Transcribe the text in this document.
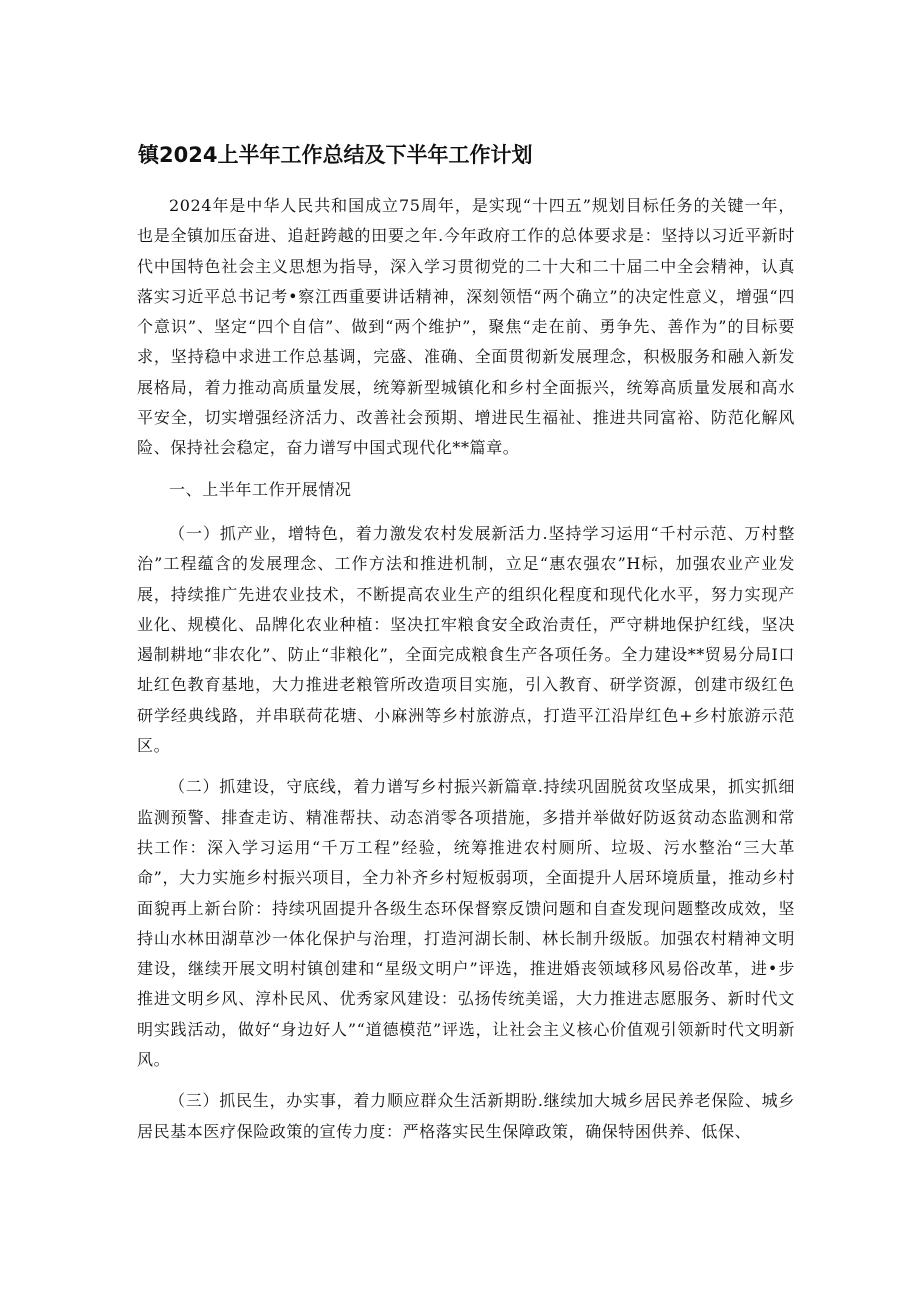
镇2024上半年工作总结及下半年工作计划

2024年是中华人民共和国成立75周年，是实现“十四五”规划目标任务的关键一年，也是全镇加压奋进、追赶跨越的田要之年.今年政府工作的总体要求是：坚持以习近平新时代中国特色社会主义思想为指导，深入学习贯彻党的二十大和二十届二中全会精神，认真落实习近平总书记考•察江西重要讲话精神，深刻领悟“两个确立”的决定性意义，增强“四个意识”、坚定“四个自信”、做到“两个维护”，聚焦“走在前、勇争先、善作为”的目标要求，坚持稳中求进工作总基调，完盛、准确、全面贯彻新发展理念，积极服务和融入新发展格局，着力推动高质量发展，统筹新型城镇化和乡村全面振兴，统筹高质量发展和高水平安全，切实增强经济活力、改善社会预期、增进民生福祉、推进共同富裕、防范化解风险、保持社会稳定，奋力谱写中国式现代化**篇章。

一、上半年工作开展情况

（一）抓产业，增特色，着力激发农村发展新活力.坚持学习运用“千村示范、万村整治”工程蕴含的发展理念、工作方法和推进机制，立足“惠农强农”H标，加强农业产业发展，持续推广先进农业技术，不断提高农业生产的组织化程度和现代化水平，努力实现产业化、规模化、品牌化农业种植：坚决扛牢粮食安全政治责任，严守耕地保护红线，坚决遏制耕地“非农化”、防止“非粮化”，全面完成粮食生产各项任务。全力建设**贸易分局I口址红色教育基地，大力推进老粮管所改造项目实施，引入教育、研学资源，创建市级红色研学经典线路，并串联荷花塘、小麻洲等乡村旅游点，打造平江沿岸红色+乡村旅游示范区。

（二）抓建设，守底线，着力谱写乡村振兴新篇章.持续巩固脱贫攻坚成果，抓实抓细监测预警、排查走访、精准帮扶、动态消零各项措施，多措并举做好防返贫动态监测和常扶工作：深入学习运用“千万工程”经验，统筹推进农村厕所、垃圾、污水整治“三大革命”，大力实施乡村振兴项目，全力补齐乡村短板弱项，全面提升人居环境质量，推动乡村面貌再上新台阶：持续巩固提升各级生态环保督察反馈问题和自查发现问题整改成效，坚持山水林田湖草沙一体化保护与治理，打造河湖长制、林长制升级版。加强农村精神文明建设，继续开展文明村镇创建和“星级文明户”评选，推进婚丧领域移风易俗改革，进•步推进文明乡风、淳朴民风、优秀家风建设：弘扬传统美谣，大力推进志愿服务、新时代文明实践活动，做好“身边好人”“道德模范”评选，让社会主义核心价值观引领新时代文明新风。

（三）抓民生，办实事，着力顺应群众生活新期盼.继续加大城乡居民养老保险、城乡居民基本医疗保险政策的宣传力度：严格落实民生保障政策，确保特困供养、低保、
